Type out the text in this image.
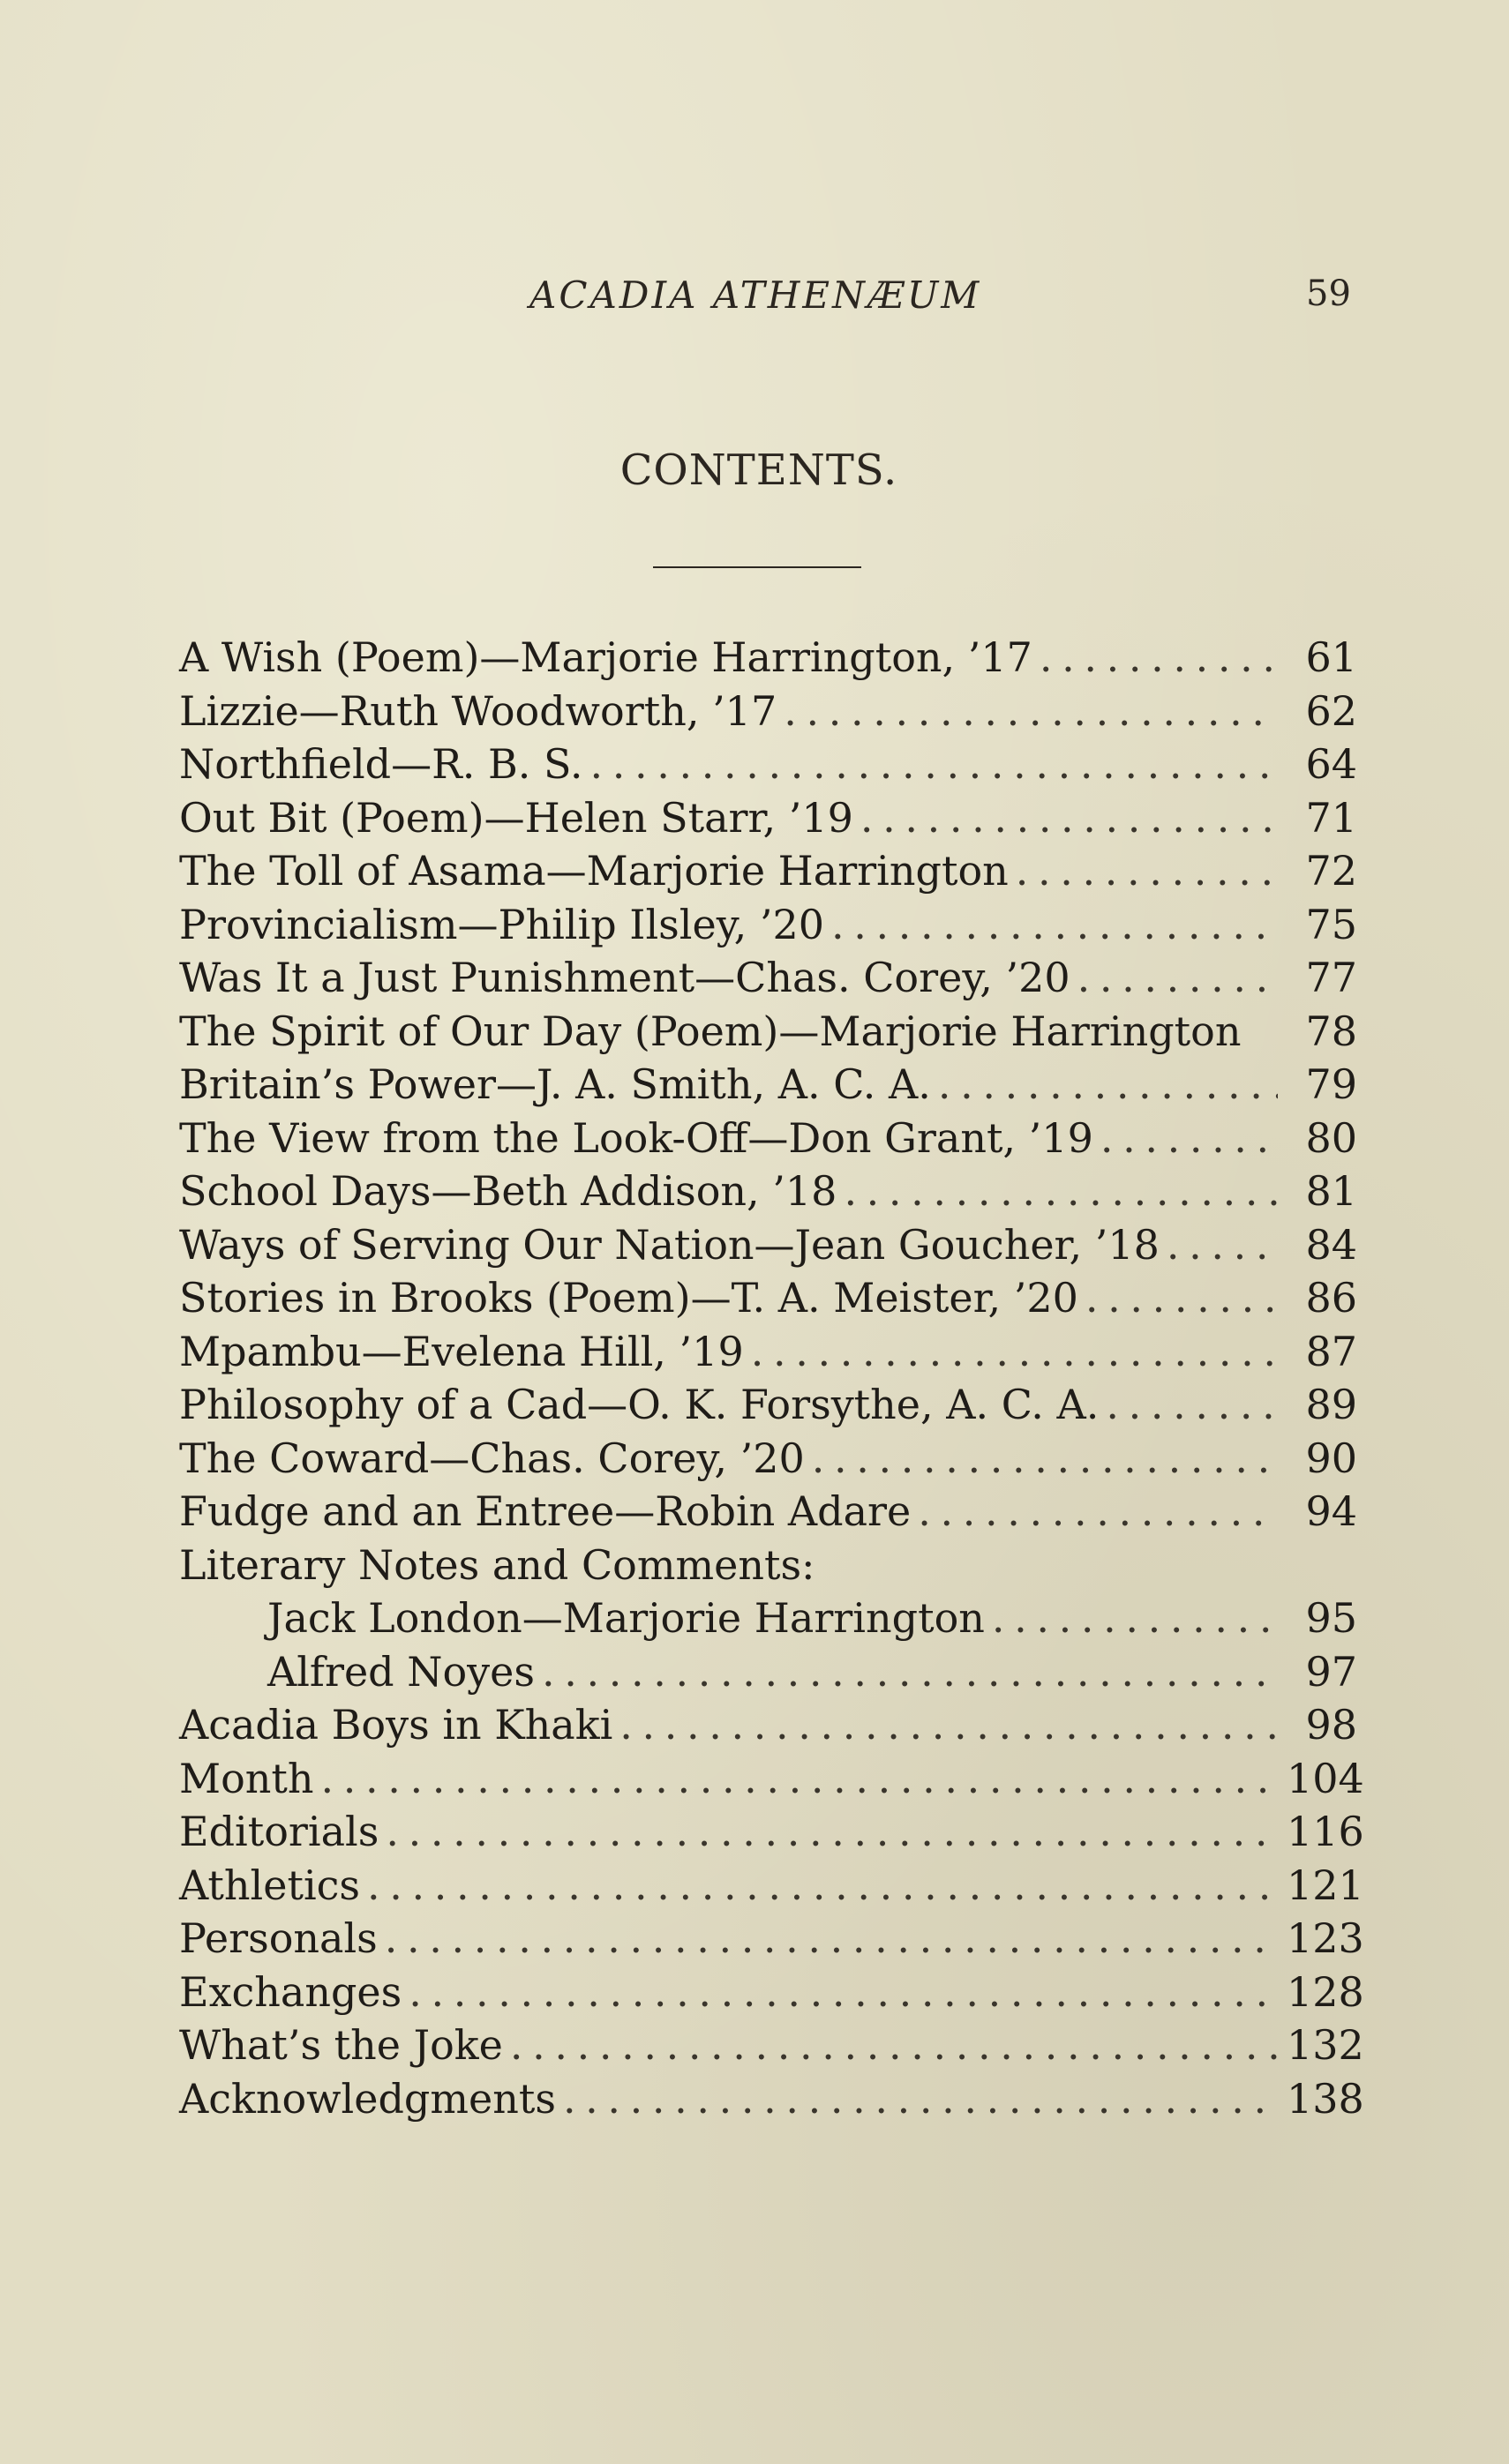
ACADIA ATHENÆUM	59
CONTENTS.
A Wish (Poem)—Marjorie Harrington, ’17 . . .	61
Lizzie—Ruth Woodworth, ’17 . . .	62
Northfield—R. B. S. . . .	64
Out Bit (Poem)—Helen Starr, ’19 . . .	71
The Toll of Asama—Marjorie Harrington . . .	72
Provincialism—Philip Ilsley, ’20 . . .	75
Was It a Just Punishment—Chas. Corey, ’20 . . .	77
The Spirit of Our Day (Poem)—Marjorie Harrington	78
Britain’s Power—J. A. Smith, A. C. A. . . .	79
The View from the Look-Off—Don Grant, ’19 . . .	80
School Days—Beth Addison, ’18 . . .	81
Ways of Serving Our Nation—Jean Goucher, ’18 . . .	84
Stories in Brooks (Poem)—T. A. Meister, ’20 . . .	86
Mpambu—Evelena Hill, ’19 . . .	87
Philosophy of a Cad—O. K. Forsythe, A. C. A. . . .	89
The Coward—Chas. Corey, ’20 . . .	90
Fudge and an Entree—Robin Adare . . .	94
Literary Notes and Comments:
Jack London—Marjorie Harrington . . .	95
Alfred Noyes . . .	97
Acadia Boys in Khaki . . .	98
Month . . .	104
Editorials . . .	116
Athletics . . .	121
Personals . . .	123
Exchanges . . .	128
What’s the Joke . . .	132
Acknowledgments . . .	138
